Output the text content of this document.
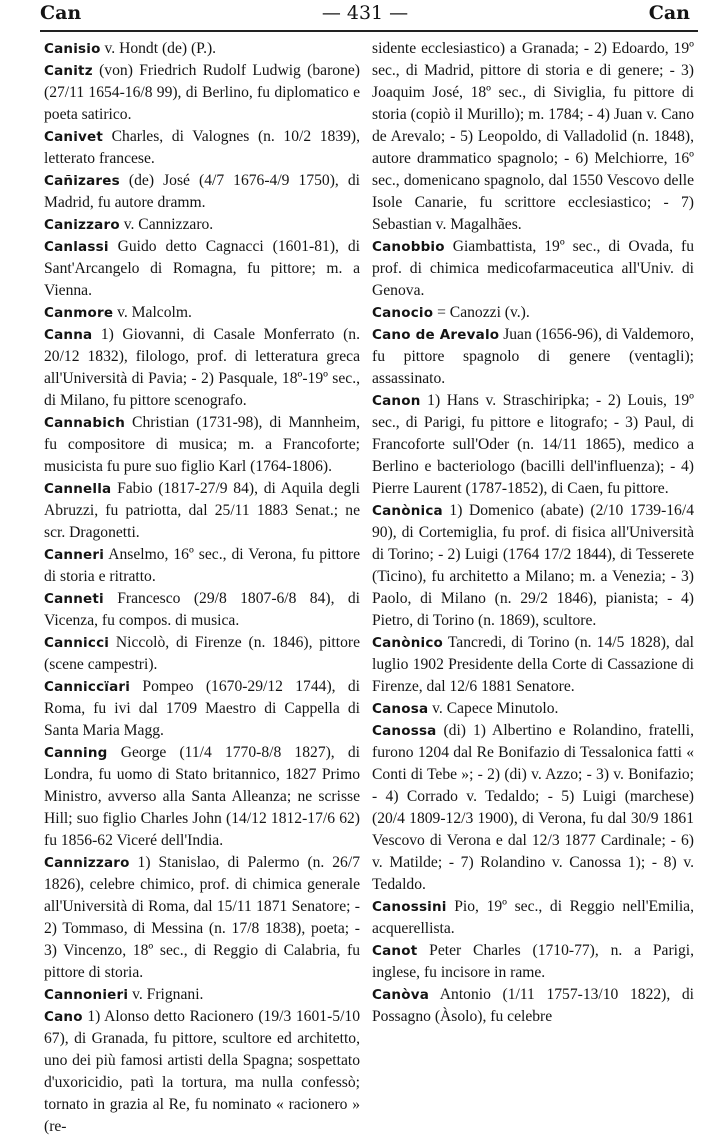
Can	— 431 —	Can

Canisio v. Hondt (de) (P.).

Canitz (von) Friedrich Rudolf Ludwig (barone) (27/11 1654-16/8 99), di Berlino, fu diplomatico e poeta satirico.

Canivet Charles, di Valognes (n. 10/2 1839), letterato francese.

Cañizares (de) José (4/7 1676-4/9 1750), di Madrid, fu autore dramm.

Canizzaro v. Cannizzaro.

Canlassi Guido detto Cagnacci (1601-81), di Sant'Arcangelo di Romagna, fu pittore; m. a Vienna.

Canmore v. Malcolm.

Canna 1) Giovanni, di Casale Monferrato (n. 20/12 1832), filologo, prof. di letteratura greca all'Università di Pavia; - 2) Pasquale, 18º-19º sec., di Milano, fu pittore scenografo.

Cannabich Christian (1731-98), di Mannheim, fu compositore di musica; m. a Francoforte; musicista fu pure suo figlio Karl (1764-1806).

Cannella Fabio (1817-27/9 84), di Aquila degli Abruzzi, fu patriotta, dal 25/11 1883 Senat.; ne scr. Dragonetti.

Canneri Anselmo, 16º sec., di Verona, fu pittore di storia e ritratto.

Canneti Francesco (29/8 1807-6/8 84), di Vicenza, fu compos. di musica.

Cannicci Niccolò, di Firenze (n. 1846), pittore (scene campestri).

Canniccïari Pompeo (1670-29/12 1744), di Roma, fu ivi dal 1709 Maestro di Cappella di Santa Maria Magg.

Canning George (11/4 1770-8/8 1827), di Londra, fu uomo di Stato britannico, 1827 Primo Ministro, avverso alla Santa Alleanza; ne scrisse Hill; suo figlio Charles John (14/12 1812-17/6 62) fu 1856-62 Viceré dell'India.

Cannizzaro 1) Stanislao, di Palermo (n. 26/7 1826), celebre chimico, prof. di chimica generale all'Università di Roma, dal 15/11 1871 Senatore; - 2) Tommaso, di Messina (n. 17/8 1838), poeta; - 3) Vincenzo, 18º sec., di Reggio di Calabria, fu pittore di storia.

Cannonieri v. Frignani.

Cano 1) Alonso detto Racionero (19/3 1601-5/10 67), di Granada, fu pittore, scultore ed architetto, uno dei più famosi artisti della Spagna; sospettato d'uxoricidio, patì la tortura, ma nulla confessò; tornato in grazia al Re, fu nominato « racionero » (re-

sidente ecclesiastico) a Granada; - 2) Edoardo, 19º sec., di Madrid, pittore di storia e di genere; - 3) Joaquim José, 18º sec., di Siviglia, fu pittore di storia (copiò il Murillo); m. 1784; - 4) Juan v. Cano de Arevalo; - 5) Leopoldo, di Valladolid (n. 1848), autore drammatico spagnolo; - 6) Melchiorre, 16º sec., domenicano spagnolo, dal 1550 Vescovo delle Isole Canarie, fu scrittore ecclesiastico; - 7) Sebastian v. Magalhães.

Canobbio Giambattista, 19º sec., di Ovada, fu prof. di chimica medicofarmaceutica all'Univ. di Genova.

Canocio = Canozzi (v.).

Cano de Arevalo Juan (1656-96), di Valdemoro, fu pittore spagnolo di genere (ventagli); assassinato.

Canon 1) Hans v. Straschiripka; - 2) Louis, 19º sec., di Parigi, fu pittore e litografo; - 3) Paul, di Francoforte sull'Oder (n. 14/11 1865), medico a Berlino e bacteriologo (bacilli dell'influenza); - 4) Pierre Laurent (1787-1852), di Caen, fu pittore.

Canònica 1) Domenico (abate) (2/10 1739-16/4 90), di Cortemiglia, fu prof. di fisica all'Università di Torino; - 2) Luigi (1764 17/2 1844), di Tesserete (Ticino), fu architetto a Milano; m. a Venezia; - 3) Paolo, di Milano (n. 29/2 1846), pianista; - 4) Pietro, di Torino (n. 1869), scultore.

Canònico Tancredi, di Torino (n. 14/5 1828), dal luglio 1902 Presidente della Corte di Cassazione di Firenze, dal 12/6 1881 Senatore.

Canosa v. Capece Minutolo.

Canossa (di) 1) Albertino e Rolandino, fratelli, furono 1204 dal Re Bonifazio di Tessalonica fatti « Conti di Tebe »; - 2) (di) v. Azzo; - 3) v. Bonifazio; - 4) Corrado v. Tedaldo; - 5) Luigi (marchese) (20/4 1809-12/3 1900), di Verona, fu dal 30/9 1861 Vescovo di Verona e dal 12/3 1877 Cardinale; - 6) v. Matilde; - 7) Rolandino v. Canossa 1); - 8) v. Tedaldo.

Canossini Pio, 19º sec., di Reggio nell'Emilia, acquerellista.

Canot Peter Charles (1710-77), n. a Parigi, inglese, fu incisore in rame.

Canòva Antonio (1/11 1757-13/10 1822), di Possagno (Àsolo), fu celebre
